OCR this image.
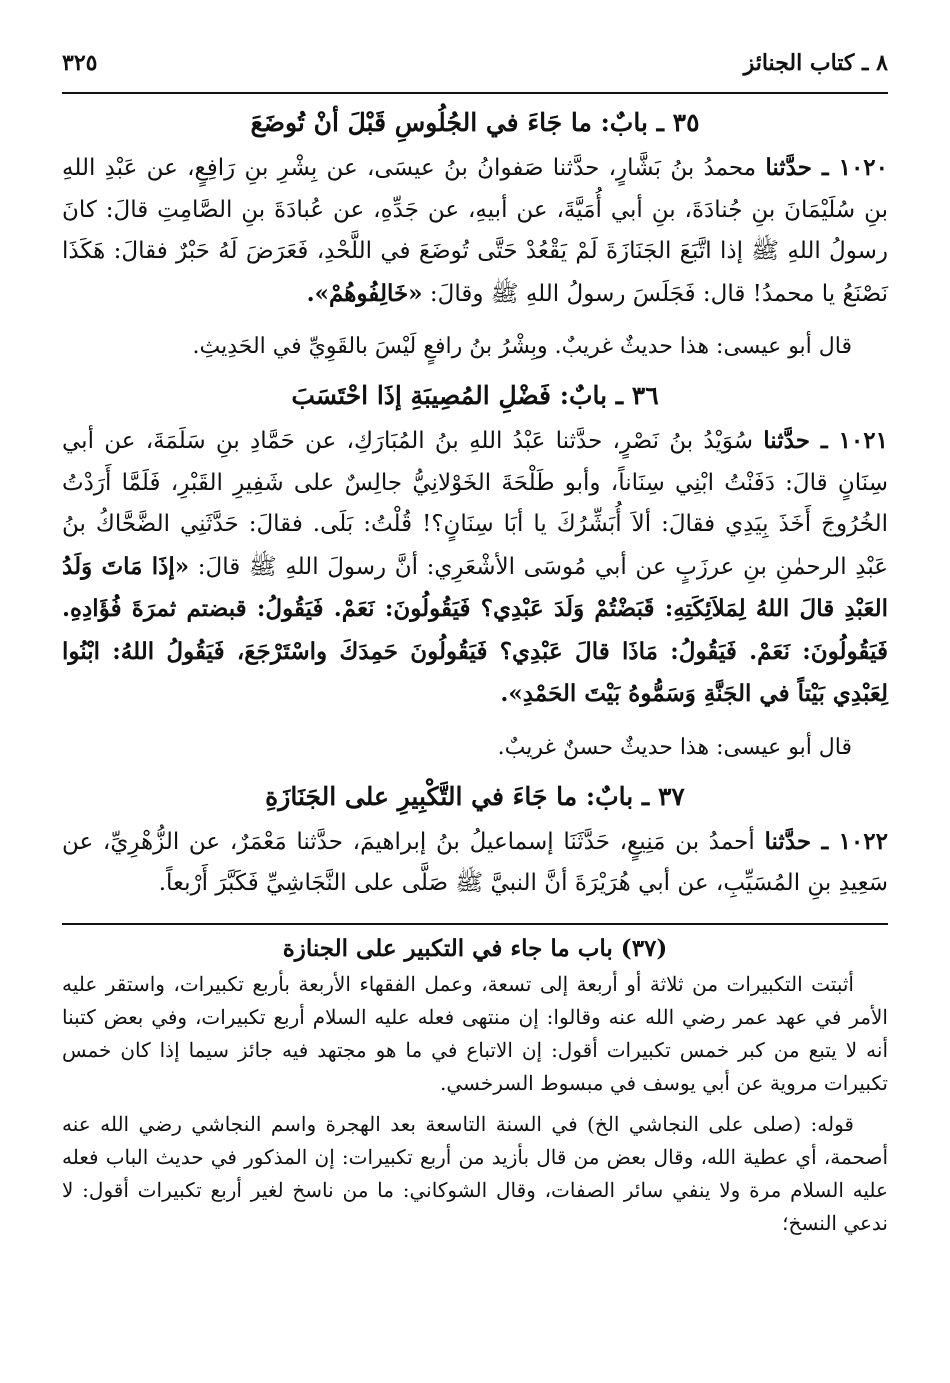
٨ ـ كتاب الجنائز
٣٢٥
٣٥ ـ بابٌ: ما جَاءَ في الجُلُوسِ قَبْلَ أنْ تُوضَعَ

١٠٢٠ ـ حدَّثنا محمدُ بنُ بَشَّارٍ، حدَّثنا صَفوانُ بنُ عيسَى، عن بِشْرِ بنِ رَافِعٍ، عن عَبْدِ اللهِ بنِ سُلَيْمَانَ بنِ جُنادَةَ، بنِ أبي أُمَيَّةَ، عن أبيهِ، عن جَدِّهِ، عن عُبادَةَ بنِ الصَّامِتِ قالَ: كانَ رسولُ اللهِ ﷺ إذا اتَّبَعَ الجَنَازَةَ لَمْ يَقْعُدْ حَتَّى تُوضَعَ في اللَّحْدِ، فَعَرَضَ لَهُ حَبْرٌ فقالَ: هَكَذَا نَصْنَعُ يا محمدُ! قال: فَجَلَسَ رسولُ اللهِ ﷺ وقالَ: «خَالِفُوهُمْ».

قال أبو عيسى: هذا حديثٌ غريبٌ. وبِشْرُ بنُ رافعٍ لَيْسَ بالقَوِيِّ في الحَدِيثِ.

٣٦ ـ بابٌ: فَضْلِ المُصِيبَةِ إذَا احْتَسَبَ

١٠٢١ ـ حدَّثنا سُوَيْدُ بنُ نَصْرٍ، حدَّثنا عَبْدُ اللهِ بنُ المُبَارَكِ، عن حَمَّادِ بنِ سَلَمَةَ، عن أبي سِنَانٍ قالَ: دَفَنْتُ ابْنِي سِنَاناً، وأبو طَلْحَةَ الخَوْلانِيُّ جالِسٌ على شَفِيرِ القَبْرِ، فَلَمَّا أَرَدْتُ الخُرُوجَ أَخَذَ بِيَدِي فقالَ: ألاَ أُبَشِّرُكَ يا أبَا سِنَانٍ؟! قُلْتُ: بَلَى. فقالَ: حَدَّثَنِي الضَّحَّاكُ بنُ عَبْدِ الرحمٰنِ بنِ عرزَبٍ عن أبي مُوسَى الأشْعَرِي: أنَّ رسولَ اللهِ ﷺ قالَ: «إذَا مَاتَ وَلَدُ العَبْدِ قالَ اللهُ لِمَلاَئِكَتِهِ: قَبَضْتُمْ وَلَدَ عَبْدِي؟ فَيَقُولُونَ: نَعَمْ. فَيَقُولُ: قبضتم ثمرَةَ فُؤَادِهِ. فَيَقُولُونَ: نَعَمْ. فَيَقُولُ: مَاذَا قالَ عَبْدِي؟ فَيَقُولُونَ حَمِدَكَ واسْتَرْجَعَ، فَيَقُولُ اللهُ: ابْنُوا لِعَبْدِي بَيْتاً في الجَنَّةِ وَسَمُّوهُ بَيْتَ الحَمْدِ».

قال أبو عيسى: هذا حديثٌ حسنٌ غريبٌ.

٣٧ ـ بابٌ: ما جَاءَ في التَّكْبِيرِ على الجَنَازَةِ

١٠٢٢ ـ حدَّثنا أحمدُ بن مَنِيعٍ، حَدَّثَنَا إسماعيلُ بنُ إبراهيمَ، حدَّثنا مَعْمَرٌ، عن الزُّهْرِيِّ، عن سَعِيدِ بنِ المُسَيِّبِ، عن أبي هُرَيْرَةَ أنَّ النبيَّ ﷺ صَلَّى على النَّجَاشِيِّ فَكَبَّرَ أَرْبعاً.

(٣٧) باب ما جاء في التكبير على الجنازة

أثبتت التكبيرات من ثلاثة أو أربعة إلى تسعة، وعمل الفقهاء الأربعة بأربع تكبيرات، واستقر عليه الأمر في عهد عمر رضي الله عنه وقالوا: إن منتهى فعله عليه السلام أربع تكبيرات، وفي بعض كتبنا أنه لا يتبع من كبر خمس تكبيرات أقول: إن الاتباع في ما هو مجتهد فيه جائز سيما إذا كان خمس تكبيرات مروية عن أبي يوسف في مبسوط السرخسي.

قوله: (صلى على النجاشي الخ) في السنة التاسعة بعد الهجرة واسم النجاشي رضي الله عنه أصحمة، أي عطية الله، وقال بعض من قال بأزيد من أربع تكبيرات: إن المذكور في حديث الباب فعله عليه السلام مرة ولا ينفي سائر الصفات، وقال الشوكاني: ما من ناسخ لغير أربع تكبيرات أقول: لا ندعي النسخ؛
